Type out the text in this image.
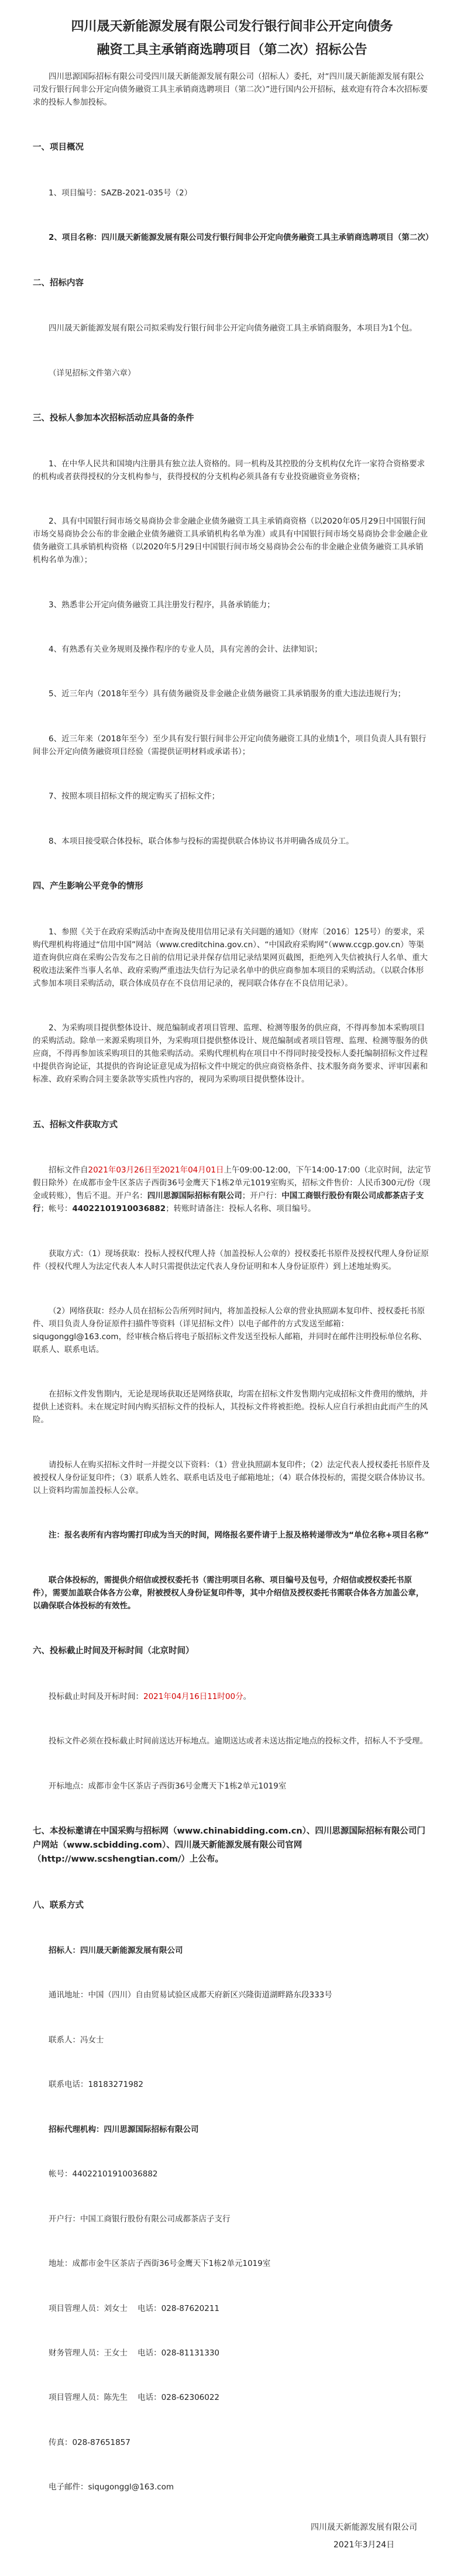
四川晟天新能源发展有限公司发行银行间非公开定向债务
融资工具主承销商选聘项目（第二次）招标公告

四川思源国际招标有限公司受四川晟天新能源发展有限公司（招标人）委托，对“四川晟天新能源发展有限公司发行银行间非公开定向债务融资工具主承销商选聘项目（第二次）”进行国内公开招标，兹欢迎有符合本次招标要求的投标人参加投标。

一、项目概况

1、项目编号：SAZB-2021-035号（2）

2、项目名称：四川晟天新能源发展有限公司发行银行间非公开定向债务融资工具主承销商选聘项目（第二次）

二、招标内容

四川晟天新能源发展有限公司拟采购发行银行间非公开定向债务融资工具主承销商服务，本项目为1个包。

（详见招标文件第六章）

三、投标人参加本次招标活动应具备的条件

1、在中华人民共和国境内注册具有独立法人资格的。同一机构及其控股的分支机构仅允许一家符合资格要求的机构或者获得授权的分支机构参与，获得授权的分支机构必须具备有专业投资融资业务资格；

2、具有中国银行间市场交易商协会非金融企业债务融资工具主承销商资格（以2020年05月29日中国银行间市场交易商协会公布的非金融企业债务融资工具承销机构名单为准）或具有中国银行间市场交易商协会非金融企业债务融资工具承销机构资格（以2020年5月29日中国银行间市场交易商协会公布的非金融企业债务融资工具承销机构名单为准）；

3、熟悉非公开定向债务融资工具注册发行程序，具备承销能力；

4、有熟悉有关业务规则及操作程序的专业人员，具有完善的会计、法律知识；

5、近三年内（2018年至今）具有债务融资及非金融企业债务融资工具承销服务的重大违法违规行为；

6、近三年来（2018年至今）至少具有发行银行间非公开定向债务融资工具的业绩1个，项目负责人具有银行间非公开定向债务融资项目经验（需提供证明材料或承诺书）；

7、按照本项目招标文件的规定购买了招标文件；

8、本项目接受联合体投标，联合体参与投标的需提供联合体协议书并明确各成员分工。

四、产生影响公平竞争的情形

1、参照《关于在政府采购活动中查询及使用信用记录有关问题的通知》（财库〔2016〕125号）的要求，采购代理机构将通过“信用中国”网站（www.creditchina.gov.cn）、“中国政府采购网”（www.ccgp.gov.cn）等渠道查询供应商在采购公告发布之日前的信用记录并保存信用记录结果网页截图，拒绝列入失信被执行人名单、重大税收违法案件当事人名单、政府采购严重违法失信行为记录名单中的供应商参加本项目的采购活动。（以联合体形式参加本项目采购活动，联合体成员存在不良信用记录的，视同联合体存在不良信用记录）。

2、为采购项目提供整体设计、规范编制或者项目管理、监理、检测等服务的供应商，不得再参加本采购项目的采购活动。除单一来源采购项目外，为采购项目提供整体设计、规范编制或者项目管理、监理、检测等服务的供应商，不得再参加该采购项目的其他采购活动。采购代理机构在项目中不得同时接受投标人委托编制招标文件过程中提供咨询论证，其提供的咨询论证意见成为招标文件中规定的供应商资格条件、技术服务商务要求、评审因素和标准、政府采购合同主要条款等实质性内容的，视同为采购项目提供整体设计。

五、招标文件获取方式

招标文件自2021年03月26日至2021年04月01日上午09:00-12:00，下午14:00-17:00（北京时间，法定节假日除外）在成都市金牛区茶店子西街36号金鹰天下1栋2单元1019室购买，招标文件售价：人民币300元/份（现金或转账），售后不退。开户名：四川思源国际招标有限公司；开户行：中国工商银行股份有限公司成都茶店子支行；帐号：44022101910036882；转账时请备注：投标人名称、项目编号。

获取方式：（1）现场获取：投标人授权代理人持（加盖投标人公章的）授权委托书原件及授权代理人身份证原件（授权代理人为法定代表人本人时只需提供法定代表人身份证明和本人身份证原件）到上述地址购买。

（2）网络获取：经办人员在招标公告所列时间内，将加盖投标人公章的营业执照副本复印件、授权委托书原件、项目负责人身份证原件扫描件等资料（详见招标文件）以电子邮件的方式发送至邮箱：siqugonggl@163.com，经审核合格后将电子版招标文件发送至投标人邮箱，并同时在邮件注明投标单位名称、联系人、联系电话。

在招标文件发售期内，无论是现场获取还是网络获取，均需在招标文件发售期内完成招标文件费用的缴纳，并提供上述资料。未在规定时间内购买招标文件的投标人，其投标文件将被拒绝。投标人应自行承担由此而产生的风险。

请投标人在购买招标文件时一并提交以下资料：（1）营业执照副本复印件；（2）法定代表人授权委托书原件及被授权人身份证复印件；（3）联系人姓名、联系电话及电子邮箱地址；（4）联合体投标的，需提交联合体协议书。以上资料均需加盖投标人公章。

注：报名表所有内容均需打印成为当天的时间，网络报名要件请于上报及格转递带改为“单位名称+项目名称”

联合体投标的，需提供介绍信或授权委托书（需注明项目名称、项目编号及包号，介绍信或授权委托书原件），需要加盖联合体各方公章，附被授权人身份证复印件等，其中介绍信及授权委托书需联合体各方加盖公章，以确保联合体投标的有效性。

六、投标截止时间及开标时间（北京时间）

投标截止时间及开标时间：2021年04月16日11时00分。

投标文件必须在投标截止时间前送达开标地点。逾期送达或者未送达指定地点的投标文件，招标人不予受理。

开标地点：成都市金牛区茶店子西街36号金鹰天下1栋2单元1019室

七、本投标邀请在中国采购与招标网（www.chinabidding.com.cn）、四川思源国际招标有限公司门户网站（www.scbidding.com）、四川晟天新能源发展有限公司官网（http://www.scshengtian.com/）上公布。

八、联系方式

招标人：四川晟天新能源发展有限公司

通讯地址：中国（四川）自由贸易试验区成都天府新区兴隆街道湖畔路东段333号

联系人：冯女士

联系电话：18183271982

招标代理机构：四川思源国际招标有限公司

帐号：44022101910036882

开户行：中国工商银行股份有限公司成都茶店子支行

地址：成都市金牛区茶店子西街36号金鹰天下1栋2单元1019室

项目管理人员：刘女士 电话：028-87620211

财务管理人员：王女士 电话：028-81131330

项目管理人员：陈先生 电话：028-62306022

传真：028-87651857

电子邮件：siqugonggl@163.com

四川晟天新能源发展有限公司
2021年3月24日
